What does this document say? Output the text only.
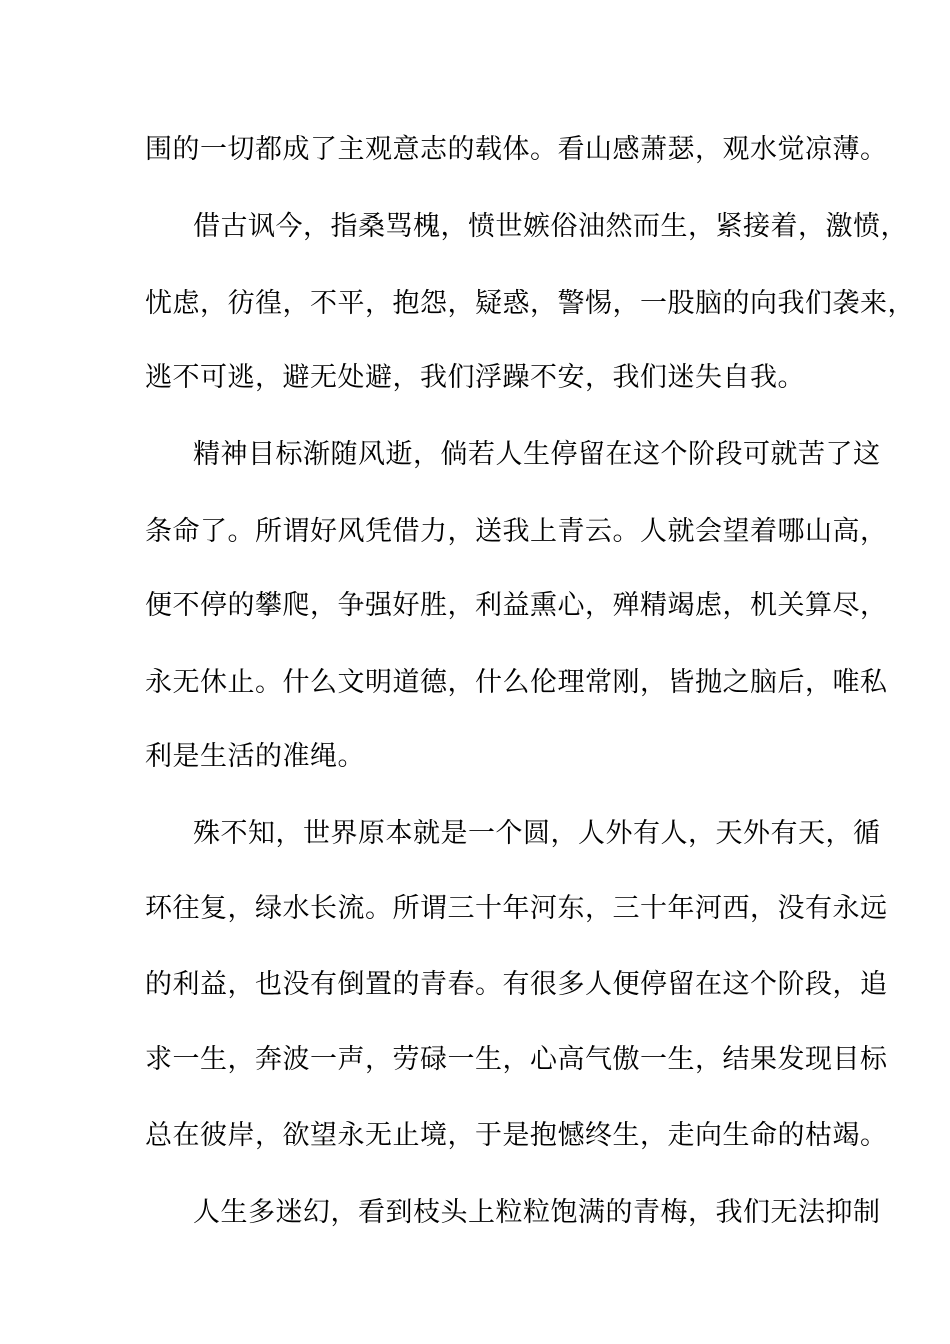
围的一切都成了主观意志的载体。看山感萧瑟，观水觉凉薄。
借古讽今，指桑骂槐，愤世嫉俗油然而生，紧接着，激愤，
忧虑，彷徨，不平，抱怨，疑惑，警惕，一股脑的向我们袭来，
逃不可逃，避无处避，我们浮躁不安，我们迷失自我。
精神目标渐随风逝，倘若人生停留在这个阶段可就苦了这
条命了。所谓好风凭借力，送我上青云。人就会望着哪山高，
便不停的攀爬，争强好胜，利益熏心，殚精竭虑，机关算尽，
永无休止。什么文明道德，什么伦理常刚，皆抛之脑后，唯私
利是生活的准绳。
殊不知，世界原本就是一个圆，人外有人，天外有天，循
环往复，绿水长流。所谓三十年河东，三十年河西，没有永远
的利益，也没有倒置的青春。有很多人便停留在这个阶段，追
求一生，奔波一声，劳碌一生，心高气傲一生，结果发现目标
总在彼岸，欲望永无止境，于是抱憾终生，走向生命的枯竭。
人生多迷幻，看到枝头上粒粒饱满的青梅，我们无法抑制
